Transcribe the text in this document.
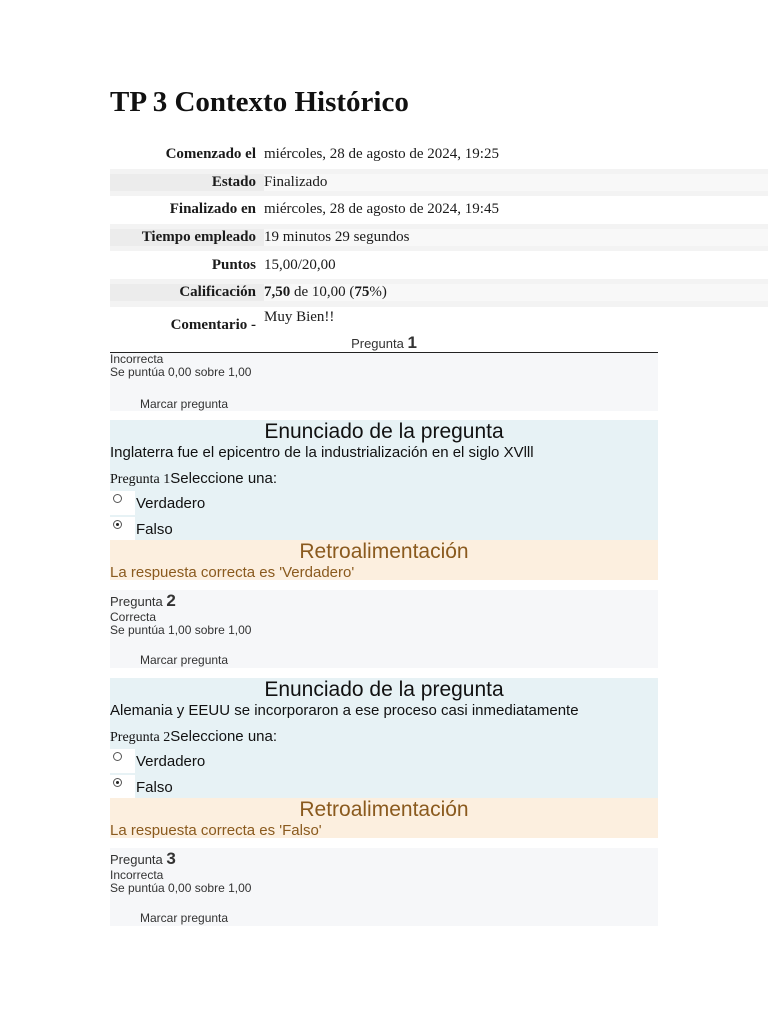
TP 3 Contexto Histórico
Comenzado el miércoles, 28 de agosto de 2024, 19:25
Estado Finalizado
Finalizado en miércoles, 28 de agosto de 2024, 19:45
Tiempo empleado 19 minutos 29 segundos
Puntos 15,00/20,00
Calificación 7,50 de 10,00 (75%)
Comentario - Muy Bien!!
Pregunta 1
Incorrecta
Se puntúa 0,00 sobre 1,00
Marcar pregunta
Enunciado de la pregunta
Inglaterra fue el epicentro de la industrialización en el siglo XVlll
Pregunta 1Seleccione una:
Verdadero
Falso
Retroalimentación

La respuesta correcta es 'Verdadero'

Pregunta 2
Correcta
Se puntúa 1,00 sobre 1,00
Marcar pregunta
Enunciado de la pregunta
Alemania y EEUU se incorporaron a ese proceso casi inmediatamente
Pregunta 2Seleccione una:
Verdadero
Falso
Retroalimentación

La respuesta correcta es 'Falso'

Pregunta 3
Incorrecta
Se puntúa 0,00 sobre 1,00
Marcar pregunta
